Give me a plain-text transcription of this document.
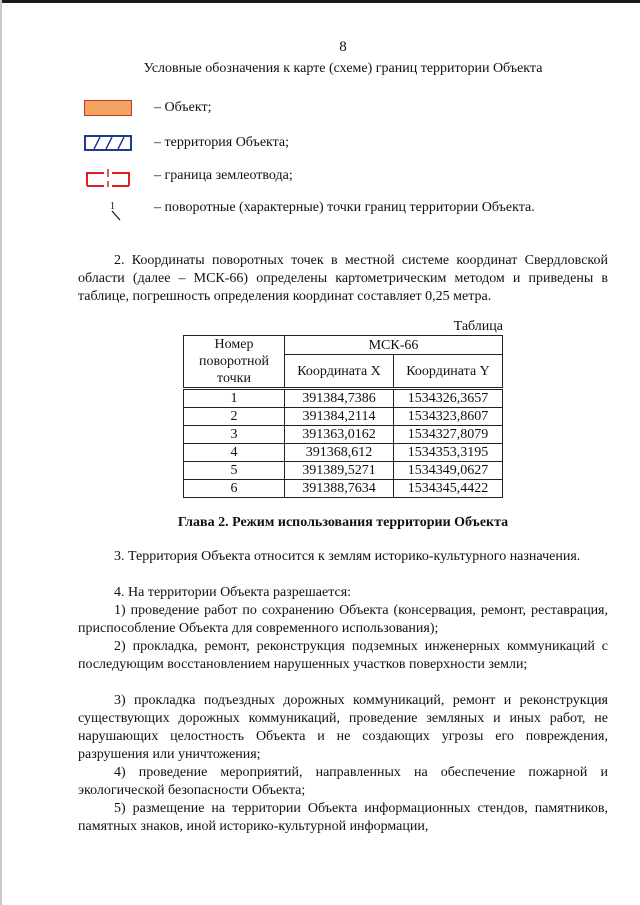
8
Условные обозначения к карте (схеме) границ территории Объекта
– Объект;
– территория Объекта;
– граница землеотвода;
1	– поворотные (характерные) точки границ территории Объекта.
2. Координаты поворотных точек в местной системе координат Свердловской области (далее – МСК-66) определены картометрическим методом и приведены в таблице, погрешность определения координат составляет 0,25 метра.
Таблица
Номер поворотной точки	МСК-66	
	Координата X	Координата Y
1	391384,7386	1534326,3657
2	391384,2114	1534323,8607
3	391363,0162	1534327,8079
4	391368,612	1534353,3195
5	391389,5271	1534349,0627
6	391388,7634	1534345,4422
Глава 2. Режим использования территории Объекта
3. Территория Объекта относится к землям историко-культурного назначения.
4. На территории Объекта разрешается:
1) проведение работ по сохранению Объекта (консервация, ремонт, реставрация, приспособление Объекта для современного использования);
2) прокладка, ремонт, реконструкция подземных инженерных коммуникаций с последующим восстановлением нарушенных участков поверхности земли;
3) прокладка подъездных дорожных коммуникаций, ремонт и реконструкция существующих дорожных коммуникаций, проведение земляных и иных работ, не нарушающих целостность Объекта и не создающих угрозы его повреждения, разрушения или уничтожения;
4) проведение мероприятий, направленных на обеспечение пожарной и экологической безопасности Объекта;
5) размещение на территории Объекта информационных стендов, памятников, памятных знаков, иной историко-культурной информации,
